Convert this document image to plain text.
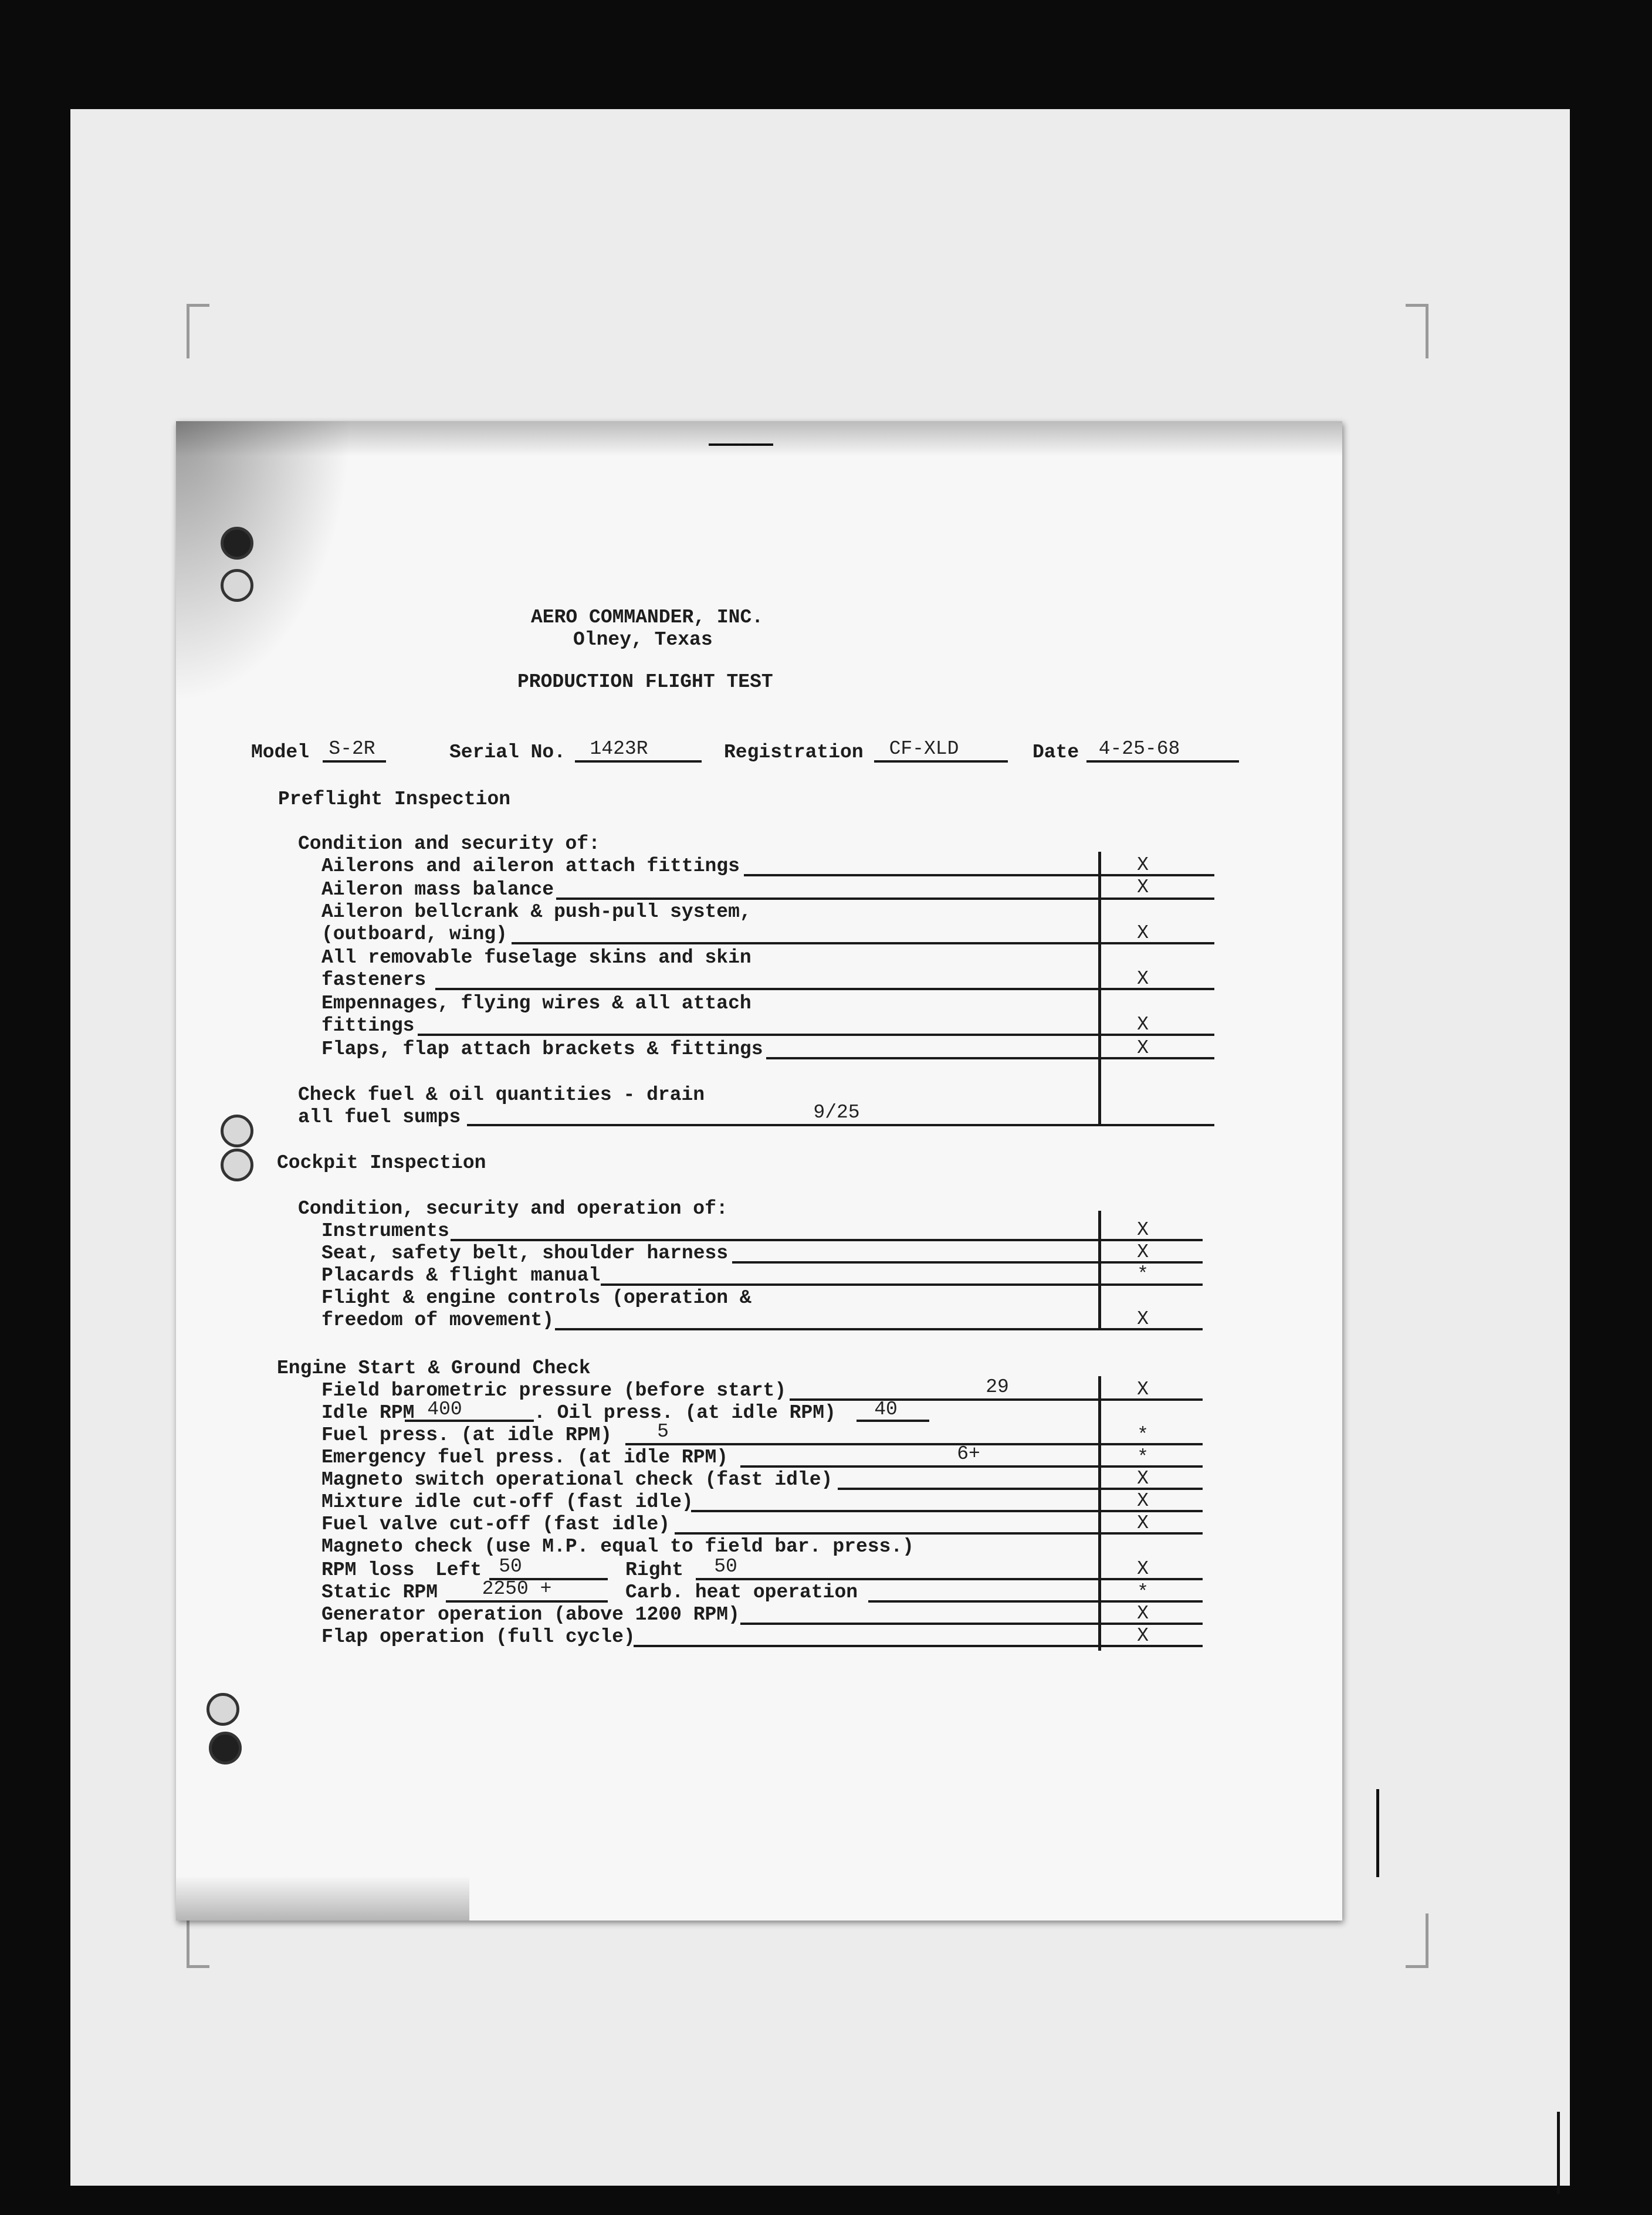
AERO COMMANDER, INC.
Olney, Texas
PRODUCTION FLIGHT TEST
Model	S-2R	Serial No.	1423R	Registration	CF-XLD	Date	4-25-68
Preflight Inspection
Condition and security of:
Ailerons and aileron attach fittings	X
Aileron mass balance	X
Aileron bellcrank & push-pull system,
(outboard, wing)	X
All removable fuselage skins and skin
fasteners	X
Empennages, flying wires & all attach
fittings	X
Flaps, flap attach brackets & fittings	X
Check fuel & oil quantities - drain
all fuel sumps	9/25
Cockpit Inspection
Condition, security and operation of:
Instruments	X
Seat, safety belt, shoulder harness	X
Placards & flight manual	*
Flight & engine controls (operation &
freedom of movement)	X
Engine Start & Ground Check
Field barometric pressure (before start)	29	X
Idle RPM 400	. Oil press. (at idle RPM)	40
Fuel press. (at idle RPM)	5	*
Emergency fuel press. (at idle RPM)	6+	*
Magneto switch operational check (fast idle)	X
Mixture idle cut-off (fast idle)	X
Fuel valve cut-off (fast idle)	X
Magneto check (use M.P. equal to field bar. press.)
RPM loss Left 50	Right	50	X
Static RPM	2250 +	Carb. heat operation	*
Generator operation (above 1200 RPM)	X
Flap operation (full cycle)	X
